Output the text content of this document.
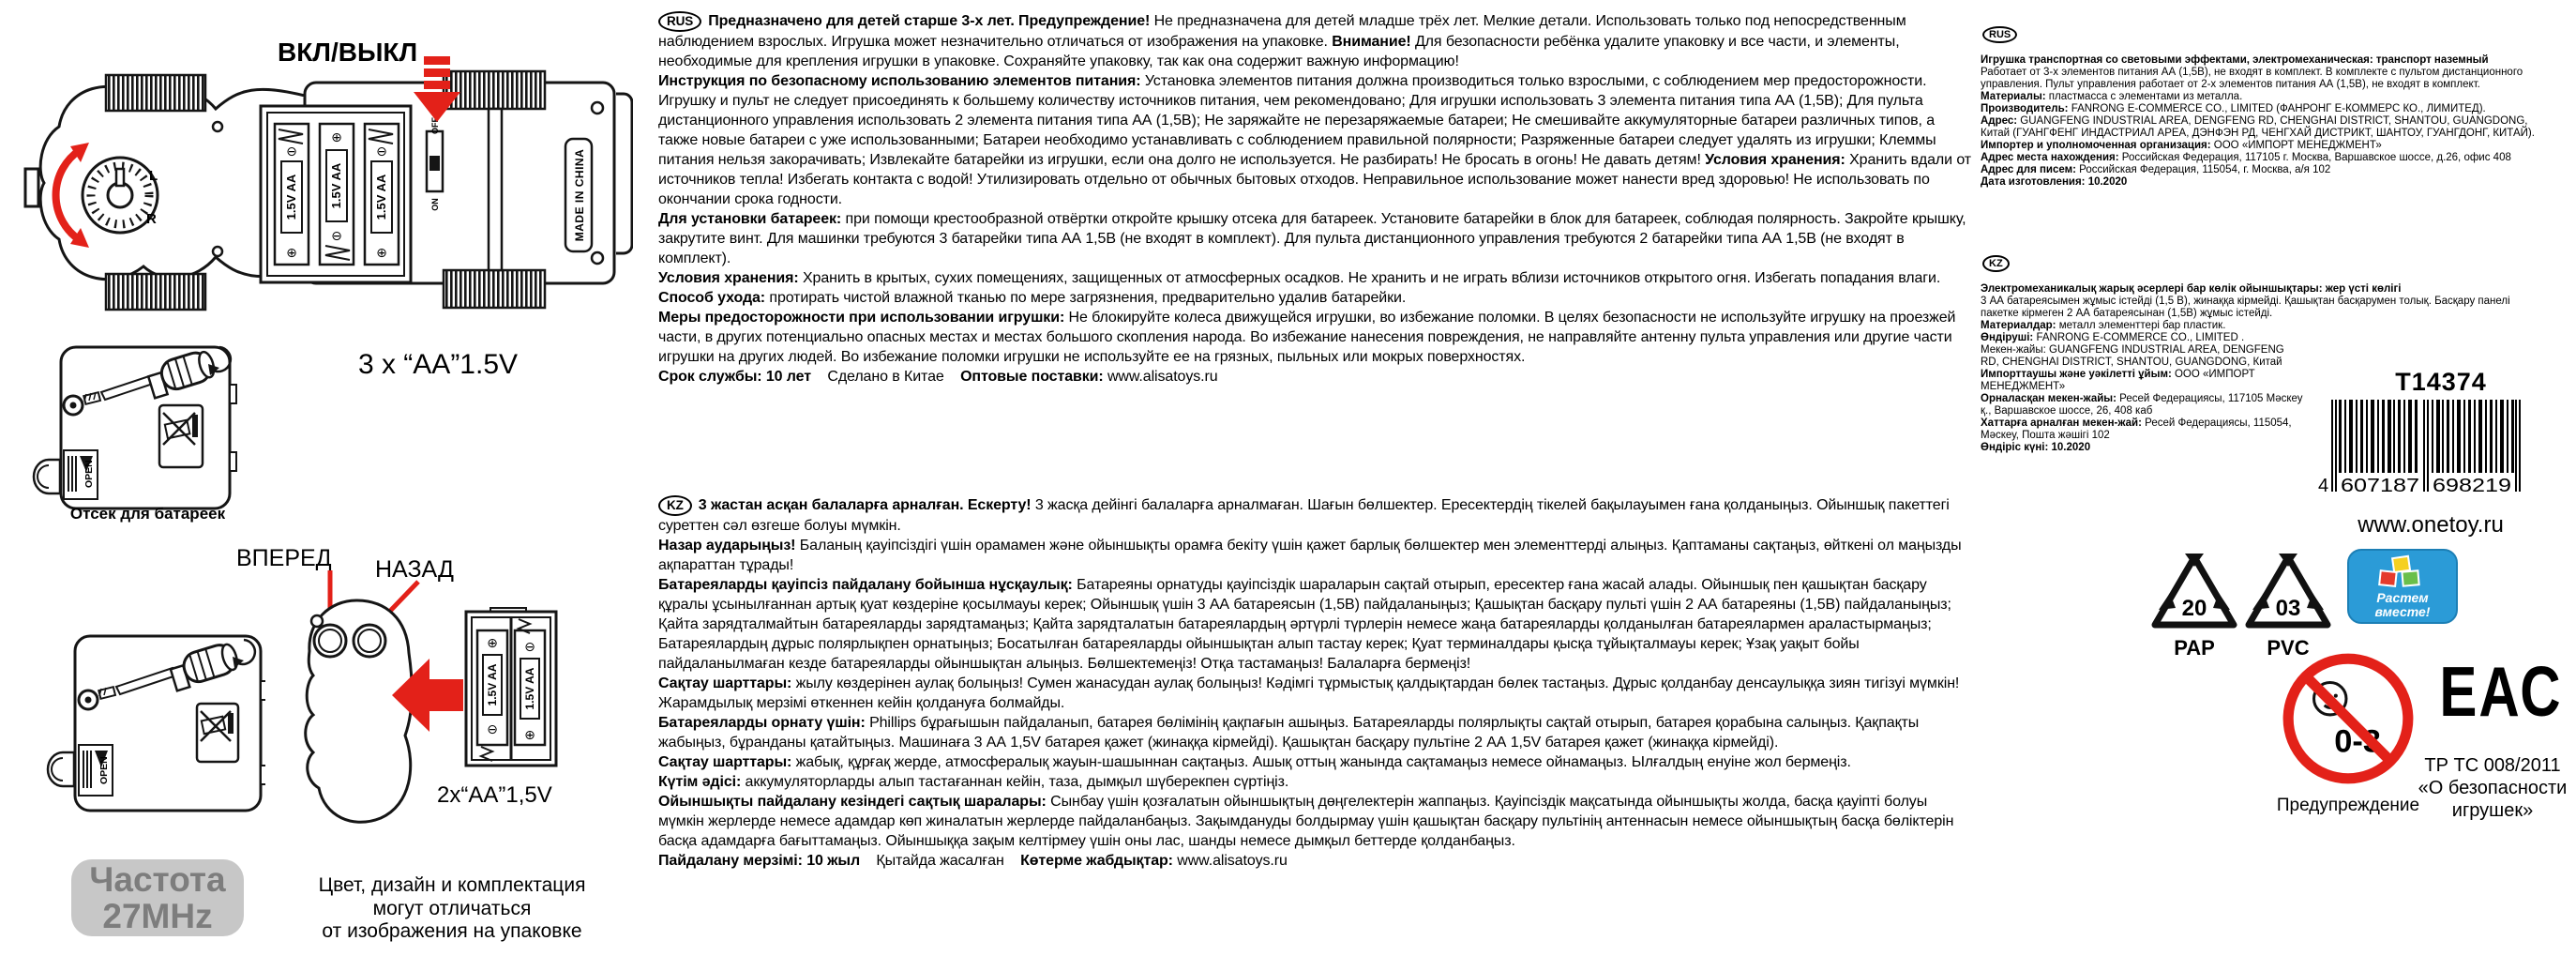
ВКЛ/ВЫКЛ
L
R
⊖
1.5V AA
⊕
⊕
1.5V AA
⊖
⊖
1.5V AA
⊕
OFF
ON	MADE IN CHINA
3 x “AA”1.5V
OPEN
Отсек для батареек
ВПЕРЕД НАЗАД
⊕
1.5V AA
⊖
⊖
1.5V AA
⊕
2x“AA”1,5V
OPEN
Частота
27MHz
Цвет, дизайн и комплектация
могут отличаться
от изображения на упаковке

RUS Предназначено для детей старше 3-х лет. Предупреждение! Не предназначена для детей младше трёх лет. Мелкие детали. Использовать только под непосредственным наблюдением взрослых. Игрушка может незначительно отличаться от изображения на упаковке. Внимание! Для безопасности ребёнка удалите упаковку и все части, и элементы, необходимые для крепления игрушки в упаковке. Сохраняйте упаковку, так как она содержит важную информацию!

Инструкция по безопасному использованию элементов питания: Установка элементов питания должна производиться только взрослыми, с соблюдением мер предосторожности. Игрушку и пульт не следует присоединять к большему количеству источников питания, чем рекомендовано; Для игрушки использовать 3 элемента питания типа АА (1,5В); Для пульта дистанционного управления использовать 2 элемента питания типа АА (1,5В); Не заряжайте не перезаряжаемые батареи; Не смешивайте аккумуляторные батареи различных типов, а также новые батареи с уже использованными; Батареи необходимо устанавливать с соблюдением правильной полярности; Разряженные батареи следует удалять из игрушки; Клеммы питания нельзя закорачивать; Извлекайте батарейки из игрушки, если она долго не используется. Не разбирать! Не бросать в огонь! Не давать детям! Условия хранения: Хранить вдали от источников тепла! Избегать контакта с водой! Утилизировать отдельно от обычных бытовых отходов. Неправильное использование может нанести вред здоровью! Не использовать по окончании срока годности.

Для установки батареек: при помощи крестообразной отвёртки откройте крышку отсека для батареек. Установите батарейки в блок для батареек, соблюдая полярность. Закройте крышку, закрутите винт. Для машинки требуются 3 батарейки типа АА 1,5В (не входят в комплект). Для пульта дистанционного управления требуются 2 батарейки типа АА 1,5В (не входят в комплект).

Условия хранения: Хранить в крытых, сухих помещениях, защищенных от атмосферных осадков. Не хранить и не играть вблизи источников открытого огня. Избегать попадания влаги.

Способ ухода: протирать чистой влажной тканью по мере загрязнения, предварительно удалив батарейки.

Меры предосторожности при использовании игрушки: Не блокируйте колеса движущейся игрушки, во избежание поломки. В целях безопасности не используйте игрушку на проезжей части, в других потенциально опасных местах и местах большого скопления народа. Во избежание нанесения повреждения, не направляйте антенну пульта управления или другие части игрушки на других людей. Во избежание поломки игрушки не используйте ее на грязных, пыльных или мокрых поверхностях.

Срок службы: 10 лет    Сделано в Китае    Оптовые поставки: www.alisatoys.ru

KZ 3 жастан асқан балаларға арналған. Ескерту! 3 жасқа дейінгі балаларға арналмаған. Шағын бөлшектер. Ересектердің тікелей бақылауымен ғана қолданыңыз. Ойыншық пакеттегі суреттен сәл өзгеше болуы мүмкін.

Назар аударыңыз! Баланың қауіпсіздігі үшін орамамен және ойыншықты орамға бекіту үшін қажет барлық бөлшектер мен элементтерді алыңыз. Қаптаманы сақтаңыз, өйткені ол маңызды ақпараттан тұрады!

Батареяларды қауіпсіз пайдалану бойынша нұсқаулық: Батареяны орнатуды қауіпсіздік шараларын сақтай отырып, ересектер ғана жасай алады. Ойыншық пен қашықтан басқару құралы ұсынылғаннан артық қуат көздеріне қосылмауы керек; Ойыншық үшін 3 АА батареясын (1,5В) пайдаланыңыз; Қашықтан басқару пульті үшін 2 АА батареяны (1,5В) пайдаланыңыз; Қайта зарядталмайтын батареяларды зарядтамаңыз; Қайта зарядталатын батареялардың әртүрлі түрлерін немесе жаңа батареяларды қолданылған батареялармен араластырмаңыз; Батареялардың дұрыс полярлықпен орнатыңыз; Босатылған батареяларды ойыншықтан алып тастау керек; Қуат терминалдары қысқа тұйықталмауы керек; Ұзақ уақыт бойы пайдаланылмаған кезде батареяларды ойыншықтан алыңыз. Бөлшектемеңіз! Отқа тастамаңыз! Балаларға бермеңіз!

Сақтау шарттары: жылу көздерінен аулақ болыңыз! Сумен жанасудан аулақ болыңыз! Кәдімгі тұрмыстық қалдықтардан бөлек тастаңыз. Дұрыс қолданбау денсаулыққа зиян тигізуі мүмкін! Жарамдылық мерзімі өткеннен кейін қолдануға болмайды.

Батареяларды орнату үшін: Phillips бұрағышын пайдаланып, батарея бөлімінің қақпағын ашыңыз. Батареяларды полярлықты сақтай отырып, батарея қорабына салыңыз. Қақпақты жабыңыз, бұранданы қатайтыңыз. Машинаға 3 АА 1,5V батарея қажет (жинаққа кірмейді). Қашықтан басқару пультіне 2 АА 1,5V батарея қажет (жинаққа кірмейді).

Сақтау шарттары: жабық, құрғақ жерде, атмосфералық жауын-шашыннан сақтаңыз. Ашық оттың жанында сақтамаңыз немесе ойнамаңыз. Ылғалдың енуіне жол бермеңіз.

Күтім әдісі: аккумуляторларды алып тастағаннан кейін, таза, дымқыл шүберекпен сүртіңіз.

Ойыншықты пайдалану кезіндегі сақтық шаралары: Сынбау үшін қозғалатын ойыншықтың дөңгелектерін жаппаңыз. Қауіпсіздік мақсатында ойыншықты жолда, басқа қауіпті болуы мүмкін жерлерде немесе адамдар көп жиналатын жерлерде пайдаланбаңыз. Зақымдануды болдырмау үшін қашықтан басқару пультінің антеннасын немесе ойыншықтың басқа бөліктерін басқа адамдарға бағыттамаңыз. Ойыншыққа зақым келтірмеу үшін оны лас, шанды немесе дымқыл беттерде қолданбаңыз.

Пайдалану мерзімі: 10 жыл    Қытайда жасалған    Көтерме жабдықтар: www.alisatoys.ru

RUS

Игрушка транспортная со световыми эффектами, электромеханическая: транспорт наземный

Работает от 3-х элементов питания АА (1,5В), не входят в комплект. В комплекте с пультом дистанционного управления. Пульт управления работает от 2-х элементов питания АА (1,5В), не входят в комплект.

Материалы: пластмасса с элементами из металла.

Производитель: FANRONG E-COMMERCE CO., LIMITED (ФАНРОНГ Е-КОММЕРС КО., ЛИМИТЕД).

Адрес: GUANGFENG INDUSTRIAL AREA, DENGFENG RD, CHENGHAI DISTRICT, SHANTOU, GUANGDONG, Китай (ГУАНГФЕНГ ИНДАСТРИАЛ АРЕА, ДЭНФЭН РД, ЧЕНГХАЙ ДИСТРИКТ, ШАНТОУ, ГУАНГДОНГ, КИТАЙ).

Импортер и уполномоченная организация: ООО «ИМПОРТ МЕНЕДЖМЕНТ»

Адрес места нахождения: Российская Федерация, 117105 г. Москва, Варшавское шоссе, д.26, офис 408

Адрес для писем: Российская Федерация, 115054, г. Москва, а/я 102

Дата изготовления: 10.2020

KZ

Электромеханикалық жарық әсерлері бар көлік ойыншықтары: жер үсті көлігі

3 АА батареясымен жұмыс істейді (1,5 В), жинаққа кірмейді. Қашықтан басқарумен толық. Басқару панелі пакетке кірмеген 2 АА батареясынан (1,5В) жұмыс істейді.

Материалдар: металл элементтері бар пластик.

Өндіруші: FANRONG E-COMMERCE CO., LIMITED .

Мекен-жайы: GUANGFENG INDUSTRIAL AREA, DENGFENG RD, CHENGHAI DISTRICT, SHANTOU, GUANGDONG, Китай

Импорттаушы және уәкілетті ұйым: ООО «ИМПОРТ МЕНЕДЖМЕНТ»

Орналасқан мекен-жайы: Ресей Федерациясы, 117105 Мәскеу қ., Варшавское шоссе, 26, 408 каб

Хаттарға арналған мекен-жай: Ресей Федерациясы, 115054, Мәскеу, Пошта жәшігі 102

Өндіріс күні: 10.2020

T14374
4 607187 698219
www.onetoy.ru
20
PAP
03
PVC
Растем
вместе!
0-3
Предупреждение
ЕАС
ТР ТС 008/2011
«О безопасности игрушек»
